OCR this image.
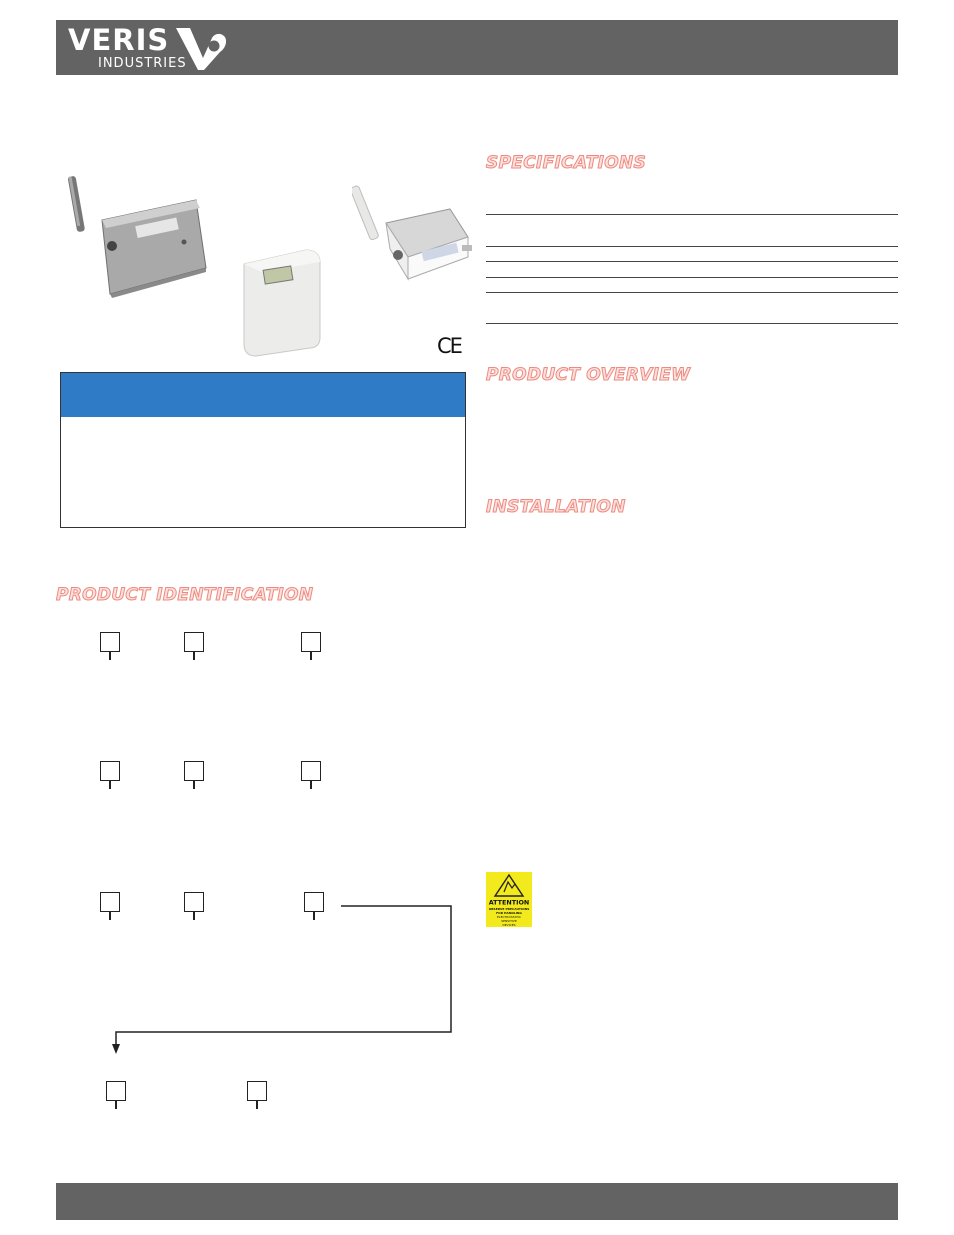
VERIS
INDUSTRIES
CE
SPECIFICATIONS
PRODUCT OVERVIEW
INSTALLATION
PRODUCT IDENTIFICATION
ATTENTION
OBSERVE PRECAUTIONS
FOR HANDLING
ELECTROSTATIC
SENSITIVE
DEVICES
